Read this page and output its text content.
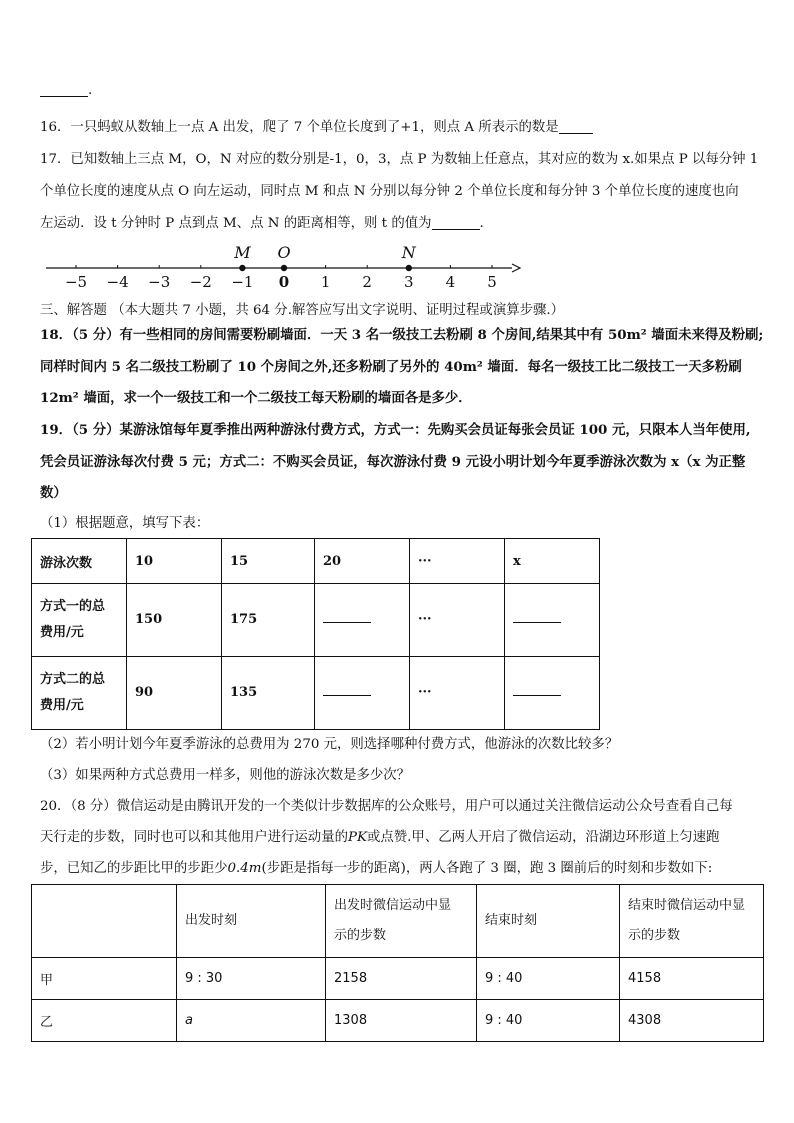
.
16．一只蚂蚁从数轴上一点 A 出发，爬了 7 个单位长度到了+1，则点 A 所表示的数是
17．已知数轴上三点 M，O，N 对应的数分别是-1，0，3，点 P 为数轴上任意点，其对应的数为 x.如果点 P 以每分钟 1
个单位长度的速度从点 O 向左运动，同时点 M 和点 N 分别以每分钟 2 个单位长度和每分钟 3 个单位长度的速度也向
左运动．设 t 分钟时 P 点到点 M、点 N 的距离相等，则 t 的值为	.
−5 −4 −3 −2 −1 0 1 2 3 4 5
M O	N
三、解答题 （本大题共 7 小题，共 64 分.解答应写出文字说明、证明过程或演算步骤.）
18．（5 分）有一些相同的房间需要粉刷墙面．一天 3 名一级技工去粉刷 8 个房间,结果其中有 50m² 墙面未来得及粉刷;
同样时间内 5 名二级技工粉刷了 10 个房间之外,还多粉刷了另外的 40m² 墙面．每名一级技工比二级技工一天多粉刷
12m² 墙面，求一个一级技工和一个二级技工每天粉刷的墙面各是多少．
19．（5 分）某游泳馆每年夏季推出两种游泳付费方式，方式一：先购买会员证每张会员证 100 元，只限本人当年使用,
凭会员证游泳每次付费 5 元；方式二：不购买会员证，每次游泳付费 9 元设小明计划今年夏季游泳次数为 x（x 为正整
数）
（1）根据题意，填写下表：
游泳次数	10	15	20	···	x
方式一的总
费用/元	150	175		···	
方式二的总
费用/元	90	135		···	
（2）若小明计划今年夏季游泳的总费用为 270 元，则选择哪种付费方式，他游泳的次数比较多？
（3）如果两种方式总费用一样多，则他的游泳次数是多少次？
20．（8 分）微信运动是由腾讯开发的一个类似计步数据库的公众账号，用户可以通过关注微信运动公众号查看自己每
天行走的步数，同时也可以和其他用户进行运动量的PK或点赞.甲、乙两人开启了微信运动，沿湖边环形道上匀速跑
步，已知乙的步距比甲的步距少0.4m(步距是指每一步的距离)，两人各跑了 3 圈，跑 3 圈前后的时刻和步数如下:
	出发时刻	出发时微信运动中显
示的步数	结束时刻	结束时微信运动中显
示的步数
甲	9 : 30	2158	9 : 40	4158
乙	a	1308	9 : 40	4308
